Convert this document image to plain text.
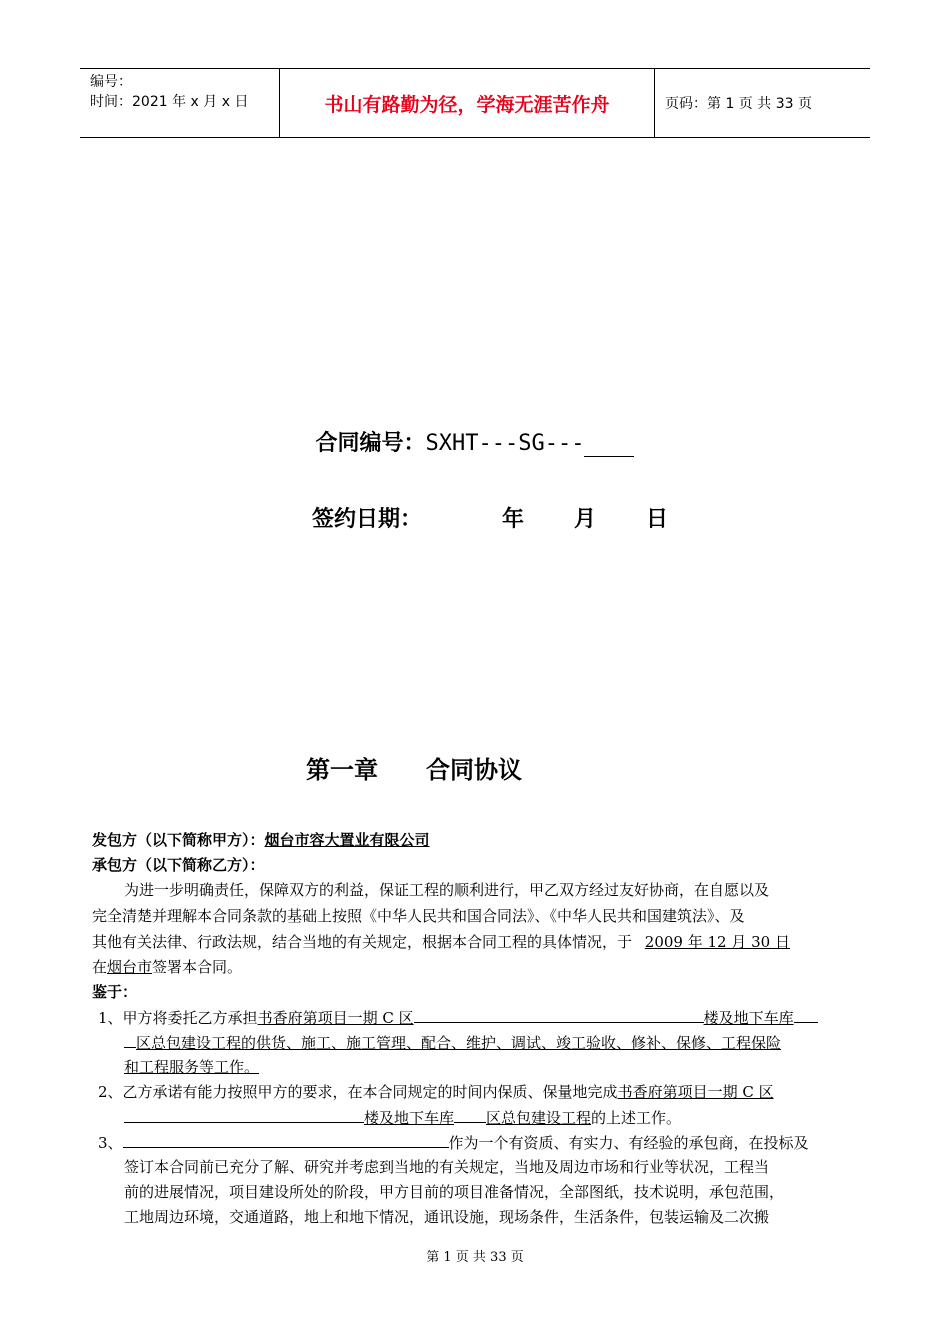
编号：
时间：2021 年 x 月 x 日	书山有路勤为径，学海无涯苦作舟	页码：第 1 页 共 33 页
合同编号：SXHT---SG---
签约日期：	年 月 日
第一章 合同协议
发包方（以下简称甲方）：烟台市容大置业有限公司
承包方（以下简称乙方）：
为进一步明确责任，保障双方的利益，保证工程的顺利进行，甲乙双方经过友好协商，在自愿以及
完全清楚并理解本合同条款的基础上按照《中华人民共和国合同法》、《中华人民共和国建筑法》、及
其他有关法律、行政法规，结合当地的有关规定，根据本合同工程的具体情况，于 2009 年 12 月 30 日
在烟台市签署本合同。
鉴于：
1、甲方将委托乙方承担书香府第项目一期 C 区	楼及地下车库
区总包建设工程的供货、施工、施工管理、配合、维护、调试、竣工验收、修补、保修、工程保险
和工程服务等工作。
2、乙方承诺有能力按照甲方的要求，在本合同规定的时间内保质、保量地完成书香府第项目一期 C 区
楼及地下车库 区总包建设工程的上述工作。
3、	作为一个有资质、有实力、有经验的承包商，在投标及
签订本合同前已充分了解、研究并考虑到当地的有关规定，当地及周边市场和行业等状况，工程当
前的进展情况，项目建设所处的阶段，甲方目前的项目准备情况，全部图纸，技术说明，承包范围，
工地周边环境，交通道路，地上和地下情况，通讯设施，现场条件，生活条件，包装运输及二次搬
第 1 页 共 33 页
